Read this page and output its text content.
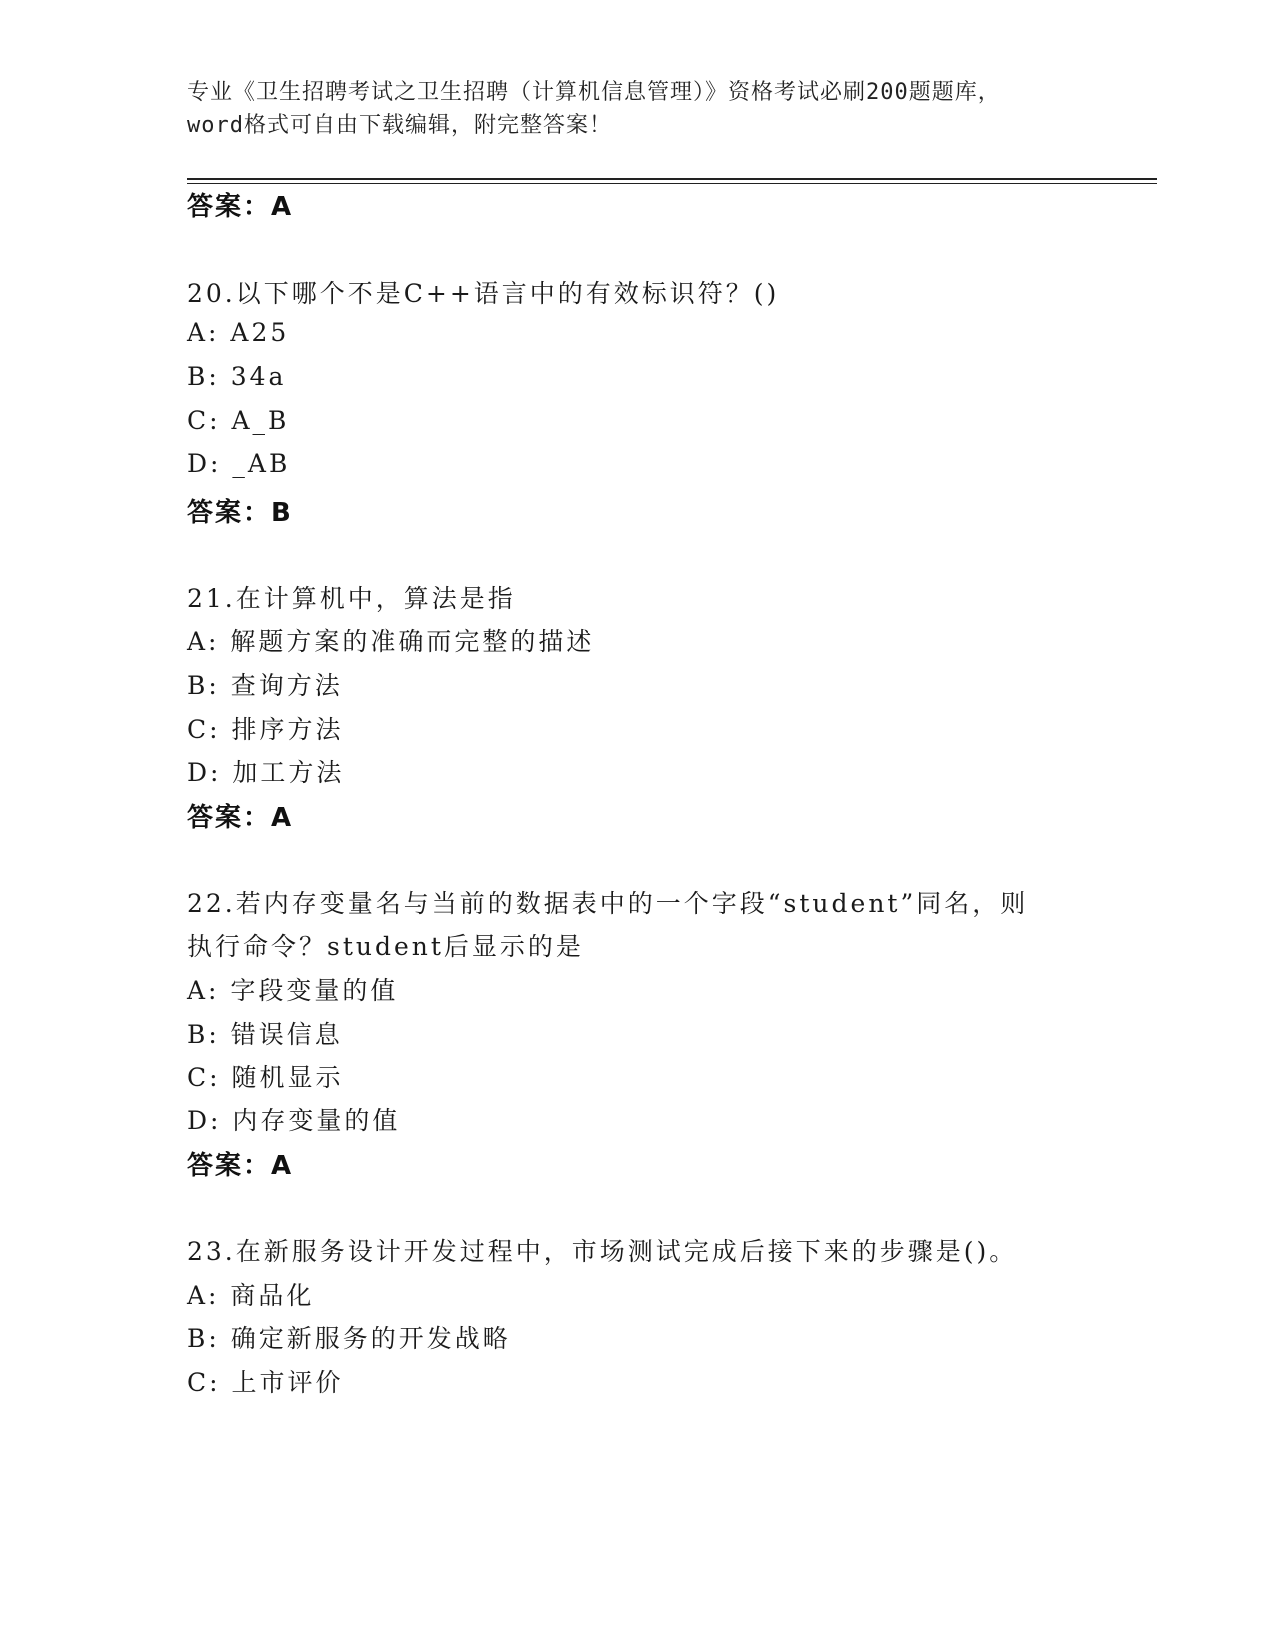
专业《卫生招聘考试之卫生招聘（计算机信息管理）》资格考试必刷200题题库，
word格式可自由下载编辑，附完整答案！
答案：A
20.以下哪个不是C++语言中的有效标识符？()
A: A25
B: 34a
C: A_B
D: _AB
答案：B
21.在计算机中，算法是指
A: 解题方案的准确而完整的描述
B: 查询方法
C: 排序方法
D: 加工方法
答案：A
22.若内存变量名与当前的数据表中的一个字段“student”同名，则
执行命令？student后显示的是
A: 字段变量的值
B: 错误信息
C: 随机显示
D: 内存变量的值
答案：A
23.在新服务设计开发过程中，市场测试完成后接下来的步骤是()。
A: 商品化
B: 确定新服务的开发战略
C: 上市评价
